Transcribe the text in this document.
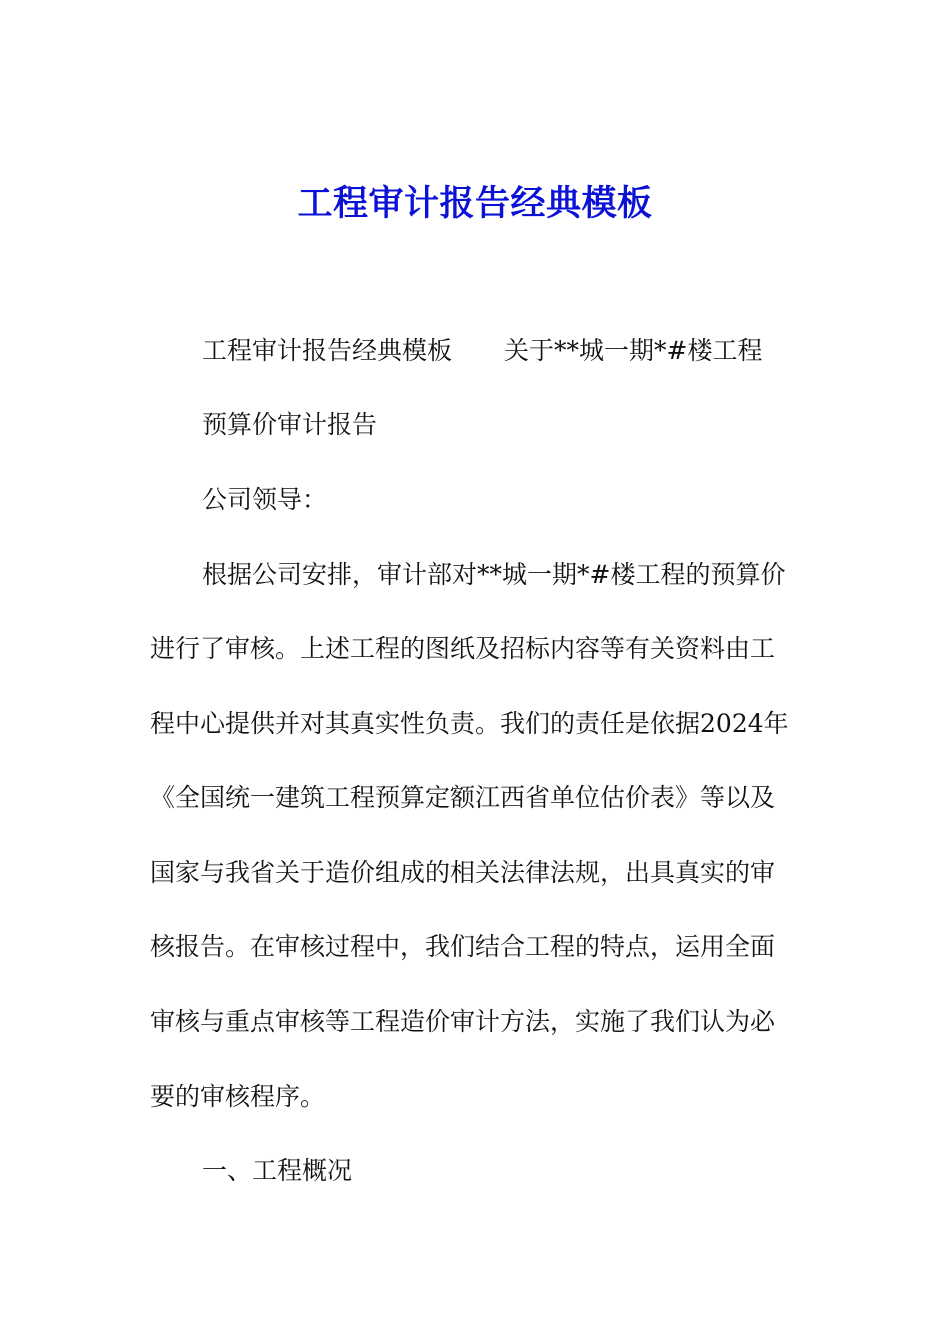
工程审计报告经典模板
工程审计报告经典模板 关于**城一期*#楼工程
预算价审计报告
公司领导：
根据公司安排，审计部对**城一期*#楼工程的预算价
进行了审核。上述工程的图纸及招标内容等有关资料由工
程中心提供并对其真实性负责。我们的责任是依据2024年
《全国统一建筑工程预算定额江西省单位估价表》等以及
国家与我省关于造价组成的相关法律法规，出具真实的审
核报告。在审核过程中，我们结合工程的特点，运用全面
审核与重点审核等工程造价审计方法，实施了我们认为必
要的审核程序。
一、工程概况
